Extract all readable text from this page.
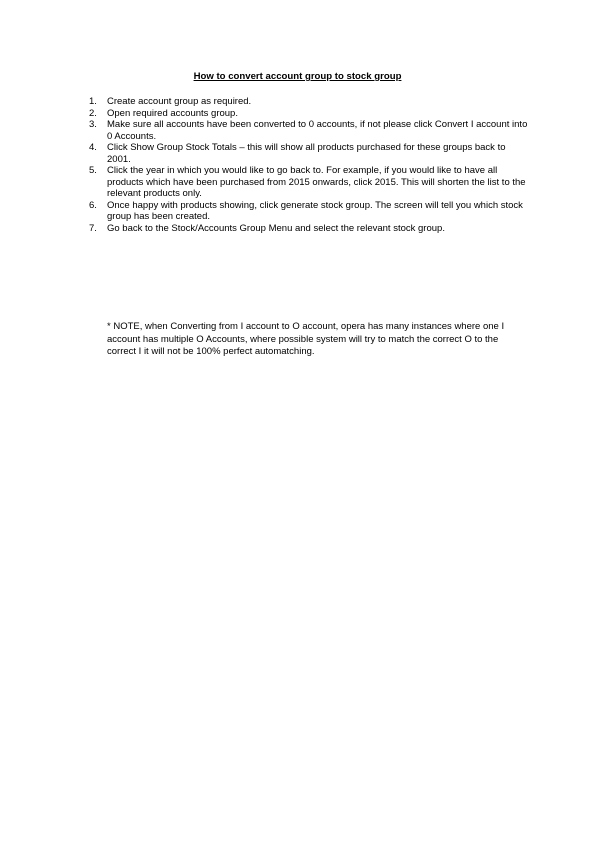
How to convert account group to stock group
1. Create account group as required.
2. Open required accounts group.
3. Make sure all accounts have been converted to 0 accounts, if not please click Convert I account into 0 Accounts.
4. Click Show Group Stock Totals – this will show all products purchased for these groups back to 2001.
5. Click the year in which you would like to go back to. For example, if you would like to have all products which have been purchased from 2015 onwards, click 2015. This will shorten the list to the relevant products only.
6. Once happy with products showing, click generate stock group. The screen will tell you which stock group has been created.
7. Go back to the Stock/Accounts Group Menu and select the relevant stock group.

* NOTE, when Converting from I account to O account, opera has many instances where one I account has multiple O Accounts, where possible system will try to match the correct O to the correct I it will not be 100% perfect automatching.
